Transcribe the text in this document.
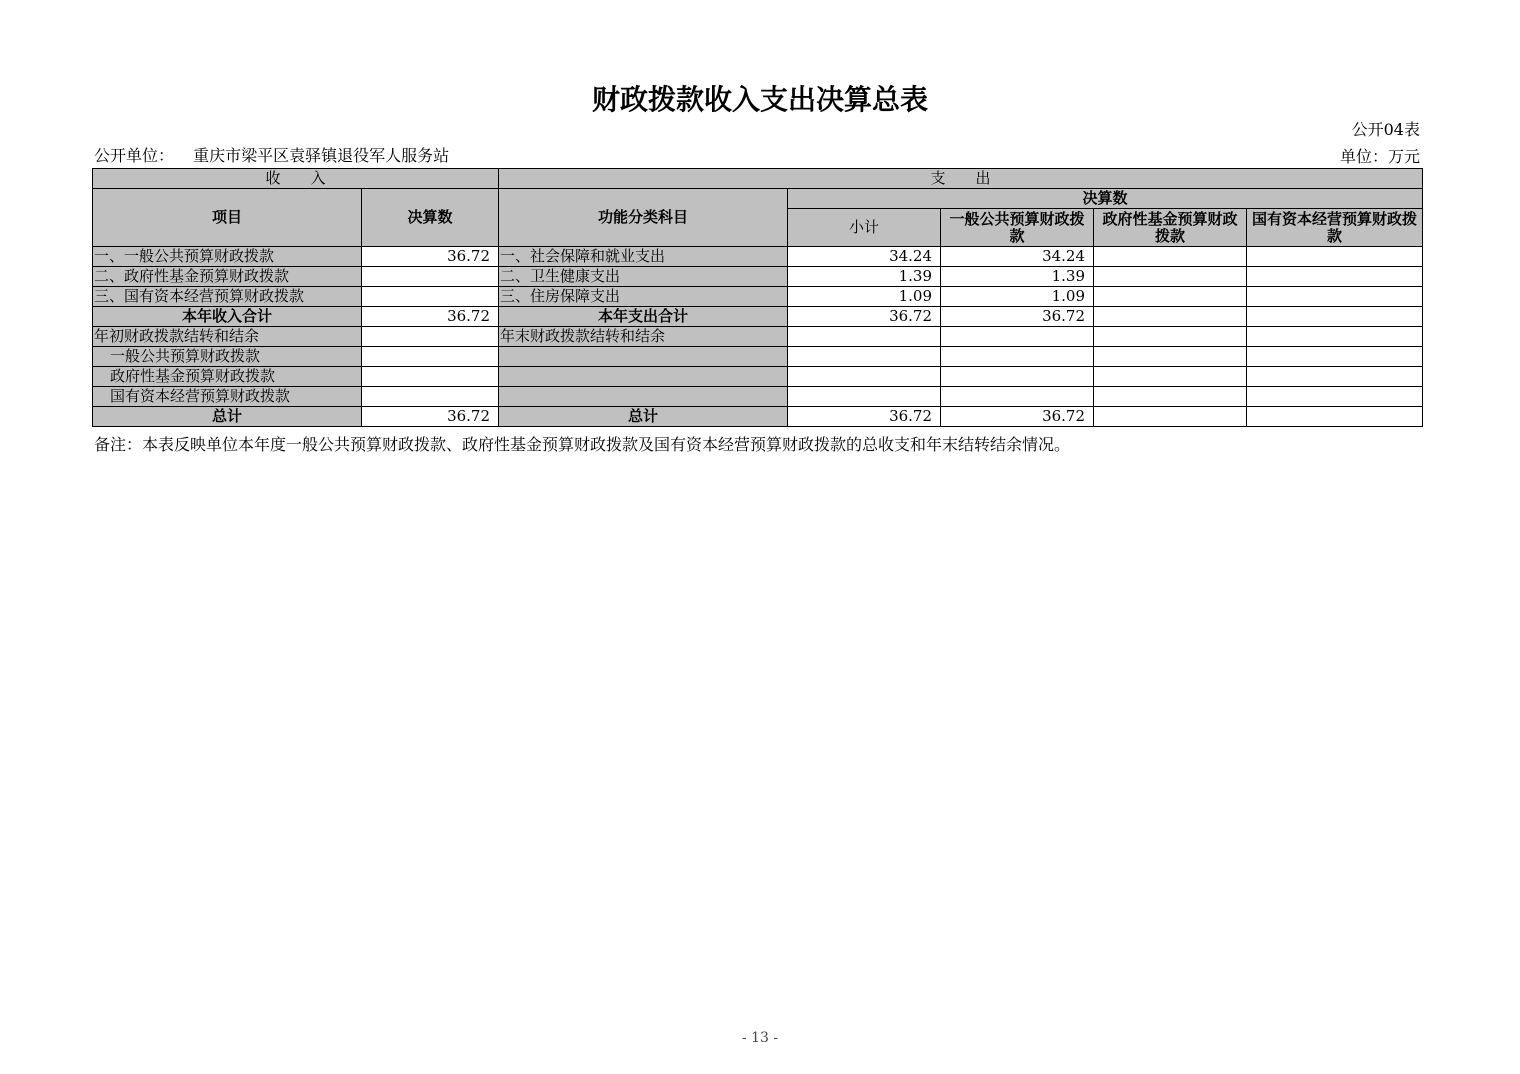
财政拨款收入支出决算总表
公开04表
公开单位： 重庆市梁平区袁驿镇退役军人服务站	单位：万元
收　　入		支　　出				
项目	决算数	功能分类科目	决算数			
			小计	一般公共预算财政拨款	政府性基金预算财政拨款	国有资本经营预算财政拨款
一、一般公共预算财政拨款	36.72	一、社会保障和就业支出	34.24	34.24		
二、政府性基金预算财政拨款		二、卫生健康支出	1.39	1.39		
三、国有资本经营预算财政拨款		三、住房保障支出	1.09	1.09		
本年收入合计	36.72	本年支出合计	36.72	36.72		
年初财政拨款结转和结余		年末财政拨款结转和结余				
一般公共预算财政拨款						
政府性基金预算财政拨款						
国有资本经营预算财政拨款						
总计	36.72	总计	36.72	36.72		
备注：本表反映单位本年度一般公共预算财政拨款、政府性基金预算财政拨款及国有资本经营预算财政拨款的总收支和年末结转结余情况。
- 13 -
